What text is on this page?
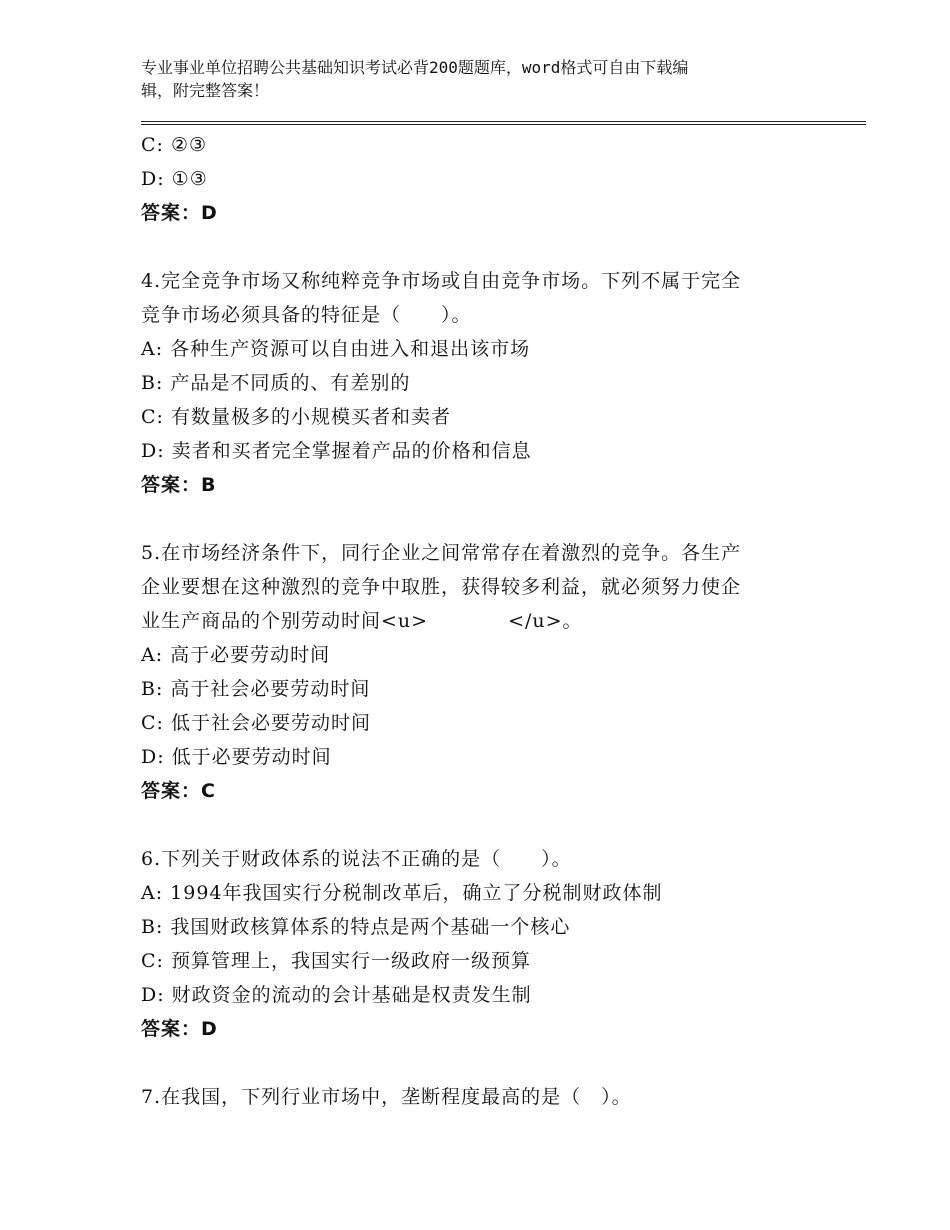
专业事业单位招聘公共基础知识考试必背200题题库，word格式可自由下载编
辑，附完整答案！
C: ②③
D: ①③
答案：D
4.完全竞争市场又称纯粹竞争市场或自由竞争市场。下列不属于完全
竞争市场必须具备的特征是（　　）。
A: 各种生产资源可以自由进入和退出该市场
B: 产品是不同质的、有差别的
C: 有数量极多的小规模买者和卖者
D: 卖者和买者完全掌握着产品的价格和信息
答案：B
5.在市场经济条件下，同行企业之间常常存在着激烈的竞争。各生产
企业要想在这种激烈的竞争中取胜，获得较多利益，就必须努力使企
业生产商品的个别劳动时间<u>　　　　</u>。
A: 高于必要劳动时间
B: 高于社会必要劳动时间
C: 低于社会必要劳动时间
D: 低于必要劳动时间
答案：C
6.下列关于财政体系的说法不正确的是（　　）。
A: 1994年我国实行分税制改革后，确立了分税制财政体制
B: 我国财政核算体系的特点是两个基础一个核心
C: 预算管理上，我国实行一级政府一级预算
D: 财政资金的流动的会计基础是权责发生制
答案：D
7.在我国，下列行业市场中，垄断程度最高的是（　）。
